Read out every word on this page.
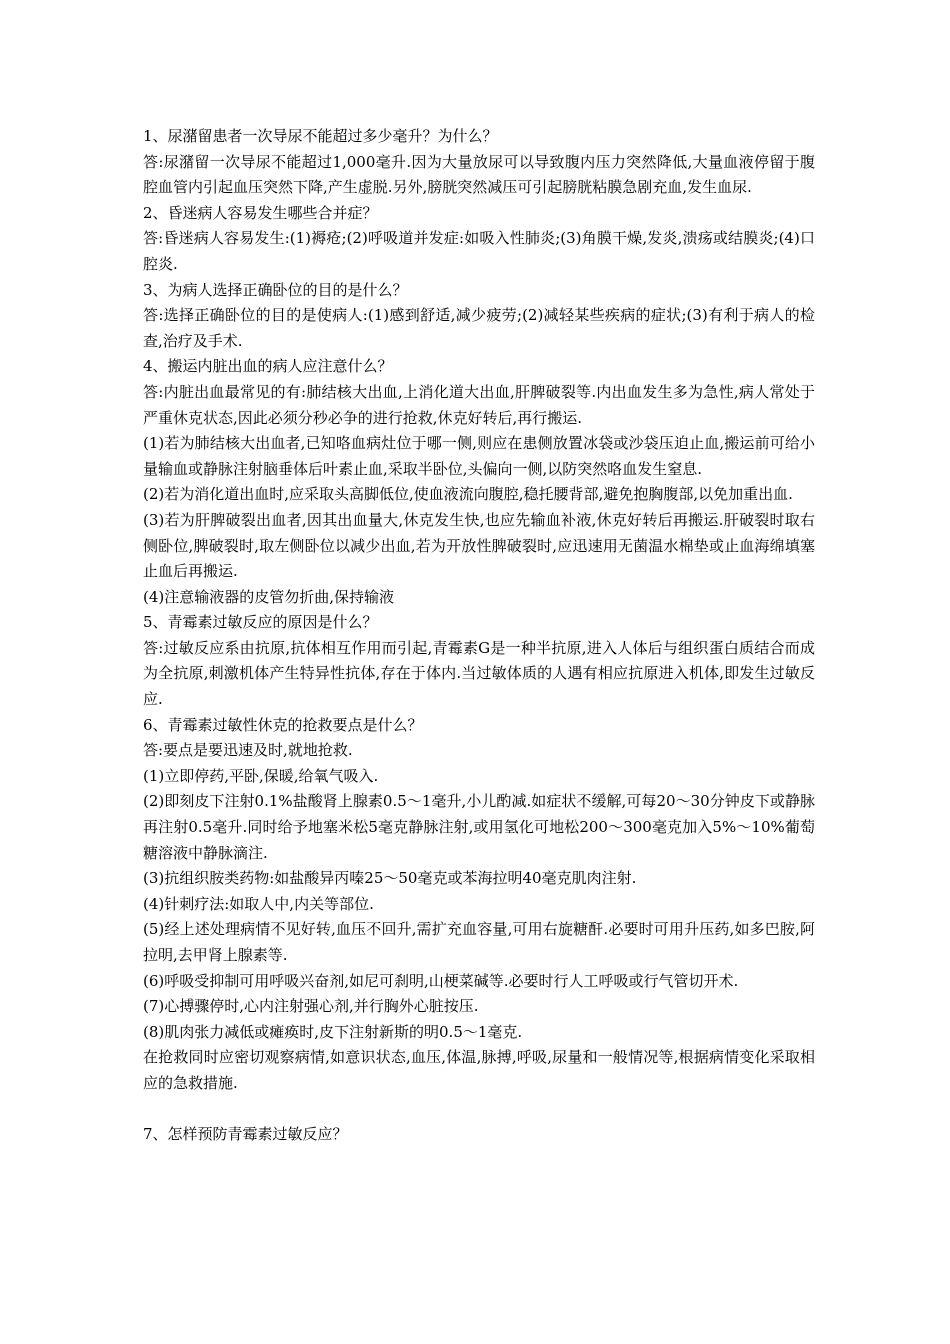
1、尿潴留患者一次导尿不能超过多少毫升？为什么？

答:尿潴留一次导尿不能超过1,000毫升.因为大量放尿可以导致腹内压力突然降低,大量血液停留于腹腔血管内引起血压突然下降,产生虚脱.另外,膀胱突然减压可引起膀胱粘膜急剧充血,发生血尿.

2、昏迷病人容易发生哪些合并症？

答:昏迷病人容易发生:(1)褥疮;(2)呼吸道并发症:如吸入性肺炎;(3)角膜干燥,发炎,溃疡或结膜炎;(4)口腔炎.

3、为病人选择正确卧位的目的是什么？

答:选择正确卧位的目的是使病人:(1)感到舒适,减少疲劳;(2)减轻某些疾病的症状;(3)有利于病人的检查,治疗及手术.

4、搬运内脏出血的病人应注意什么？

答:内脏出血最常见的有:肺结核大出血,上消化道大出血,肝脾破裂等.内出血发生多为急性,病人常处于严重休克状态,因此必须分秒必争的进行抢救,休克好转后,再行搬运.

(1)若为肺结核大出血者,已知咯血病灶位于哪一侧,则应在患侧放置冰袋或沙袋压迫止血,搬运前可给小量输血或静脉注射脑垂体后叶素止血,采取半卧位,头偏向一侧,以防突然咯血发生窒息.

(2)若为消化道出血时,应采取头高脚低位,使血液流向腹腔,稳托腰背部,避免抱胸腹部,以免加重出血.

(3)若为肝脾破裂出血者,因其出血量大,休克发生快,也应先输血补液,休克好转后再搬运.肝破裂时取右侧卧位,脾破裂时,取左侧卧位以减少出血,若为开放性脾破裂时,应迅速用无菌温水棉垫或止血海绵填塞止血后再搬运.

(4)注意输液器的皮管勿折曲,保持输液

5、青霉素过敏反应的原因是什么？

答:过敏反应系由抗原,抗体相互作用而引起,青霉素G是一种半抗原,进入人体后与组织蛋白质结合而成为全抗原,刺激机体产生特异性抗体,存在于体内.当过敏体质的人遇有相应抗原进入机体,即发生过敏反应.

6、青霉素过敏性休克的抢救要点是什么？

答:要点是要迅速及时,就地抢救.

(1)立即停药,平卧,保暖,给氧气吸入.

(2)即刻皮下注射0.1%盐酸肾上腺素0.5～1毫升,小儿酌减.如症状不缓解,可每20～30分钟皮下或静脉再注射0.5毫升.同时给予地塞米松5毫克静脉注射,或用氢化可地松200～300毫克加入5%～10%葡萄糖溶液中静脉滴注.

(3)抗组织胺类药物:如盐酸异丙嗪25～50毫克或苯海拉明40毫克肌肉注射.

(4)针刺疗法:如取人中,内关等部位.

(5)经上述处理病情不见好转,血压不回升,需扩充血容量,可用右旋糖酐.必要时可用升压药,如多巴胺,阿拉明,去甲肾上腺素等.

(6)呼吸受抑制可用呼吸兴奋剂,如尼可刹明,山梗菜碱等.必要时行人工呼吸或行气管切开术.

(7)心搏骤停时,心内注射强心剂,并行胸外心脏按压.

(8)肌肉张力减低或瘫痪时,皮下注射新斯的明0.5～1毫克.

在抢救同时应密切观察病情,如意识状态,血压,体温,脉搏,呼吸,尿量和一般情况等,根据病情变化采取相应的急救措施.

7、怎样预防青霉素过敏反应？
